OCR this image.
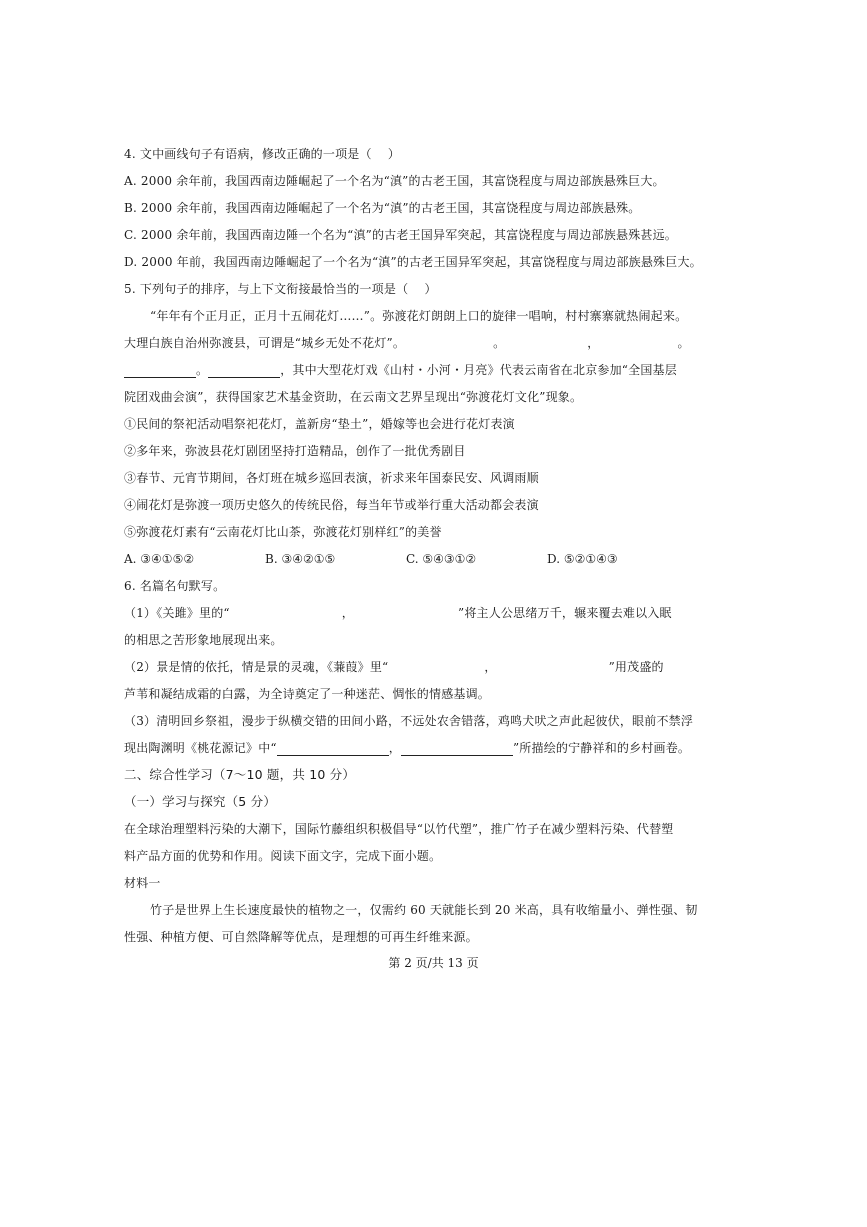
4. 文中画线句子有语病，修改正确的一项是（　 ）
A. 2000 余年前，我国西南边陲崛起了一个名为“滇”的古老王国，其富饶程度与周边部族悬殊巨大。
B. 2000 余年前，我国西南边陲崛起了一个名为“滇”的古老王国，其富饶程度与周边部族悬殊。
C. 2000 余年前，我国西南边陲一个名为“滇”的古老王国异军突起，其富饶程度与周边部族悬殊甚远。
D. 2000 年前，我国西南边陲崛起了一个名为“滇”的古老王国异军突起，其富饶程度与周边部族悬殊巨大。
5. 下列句子的排序，与上下文衔接最恰当的一项是（　 ）
“年年有个正月正，正月十五闹花灯……”。弥渡花灯朗朗上口的旋律一唱响，村村寨寨就热闹起来。
大理白族自治州弥渡县，可谓是“城乡无处不花灯”。	。	，	。
。	，其中大型花灯戏《山村・小河・月亮》代表云南省在北京参加“全国基层
院团戏曲会演”，获得国家艺术基金资助，在云南文艺界呈现出“弥渡花灯文化”现象。
①民间的祭祀活动唱祭祀花灯，盖新房“垫土”，婚嫁等也会进行花灯表演
②多年来，弥波县花灯剧团坚持打造精品，创作了一批优秀剧目
③春节、元宵节期间，各灯班在城乡巡回表演，祈求来年国泰民安、风调雨顺
④闹花灯是弥渡一项历史悠久的传统民俗，每当年节或举行重大活动都会表演
⑤弥渡花灯素有“云南花灯比山茶，弥渡花灯别样红”的美誉
A. ③④①⑤②	B. ③④②①⑤	C. ⑤④③①②	D. ⑤②①④③
6. 名篇名句默写。
（1）《关雎》里的“	，	”将主人公思绪万千，辗来覆去难以入眠
的相思之苦形象地展现出来。
（2）景是情的依托，情是景的灵魂，《蒹葭》里“	，	”用茂盛的
芦苇和凝结成霜的白露，为全诗奠定了一种迷茫、惆怅的情感基调。
（3）清明回乡祭祖，漫步于纵横交错的田间小路，不远处农舍错落，鸡鸣犬吠之声此起彼伏，眼前不禁浮
现出陶渊明《桃花源记》中“	，	”所描绘的宁静祥和的乡村画卷。
二、综合性学习（7～10 题，共 10 分）
（一）学习与探究（5 分）
在全球治理塑料污染的大潮下，国际竹藤组织积极倡导“以竹代塑”，推广竹子在减少塑料污染、代替塑
料产品方面的优势和作用。阅读下面文字，完成下面小题。
材料一
竹子是世界上生长速度最快的植物之一，仅需约 60 天就能长到 20 米高，具有收缩量小、弹性强、韧
性强、种植方便、可自然降解等优点，是理想的可再生纤维来源。
第 2 页/共 13 页
